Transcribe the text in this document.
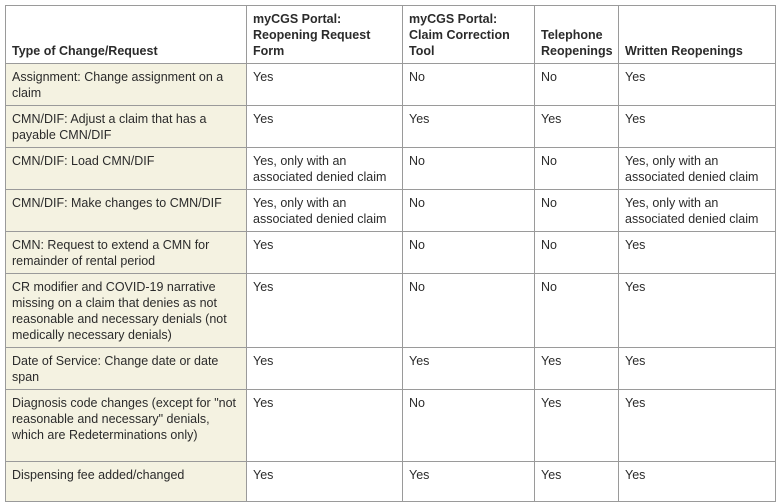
Type of Change/Request	myCGS Portal: Reopening Request Form	myCGS Portal: Claim Correction Tool	Telephone Reopenings	Written Reopenings
Assignment: Change assignment on a claim	Yes	No	No	Yes
CMN/DIF: Adjust a claim that has a payable CMN/DIF	Yes	Yes	Yes	Yes
CMN/DIF: Load CMN/DIF	Yes, only with an associated denied claim	No	No	Yes, only with an associated denied claim
CMN/DIF: Make changes to CMN/DIF	Yes, only with an associated denied claim	No	No	Yes, only with an associated denied claim
CMN: Request to extend a CMN for remainder of rental period	Yes	No	No	Yes
CR modifier and COVID-19 narrative missing on a claim that denies as not reasonable and necessary denials (not medically necessary denials)	Yes	No	No	Yes
Date of Service: Change date or date span	Yes	Yes	Yes	Yes
Diagnosis code changes (except for "not reasonable and necessary" denials, which are Redeterminations only)	Yes	No	Yes	Yes
Dispensing fee added/changed	Yes	Yes	Yes	Yes
